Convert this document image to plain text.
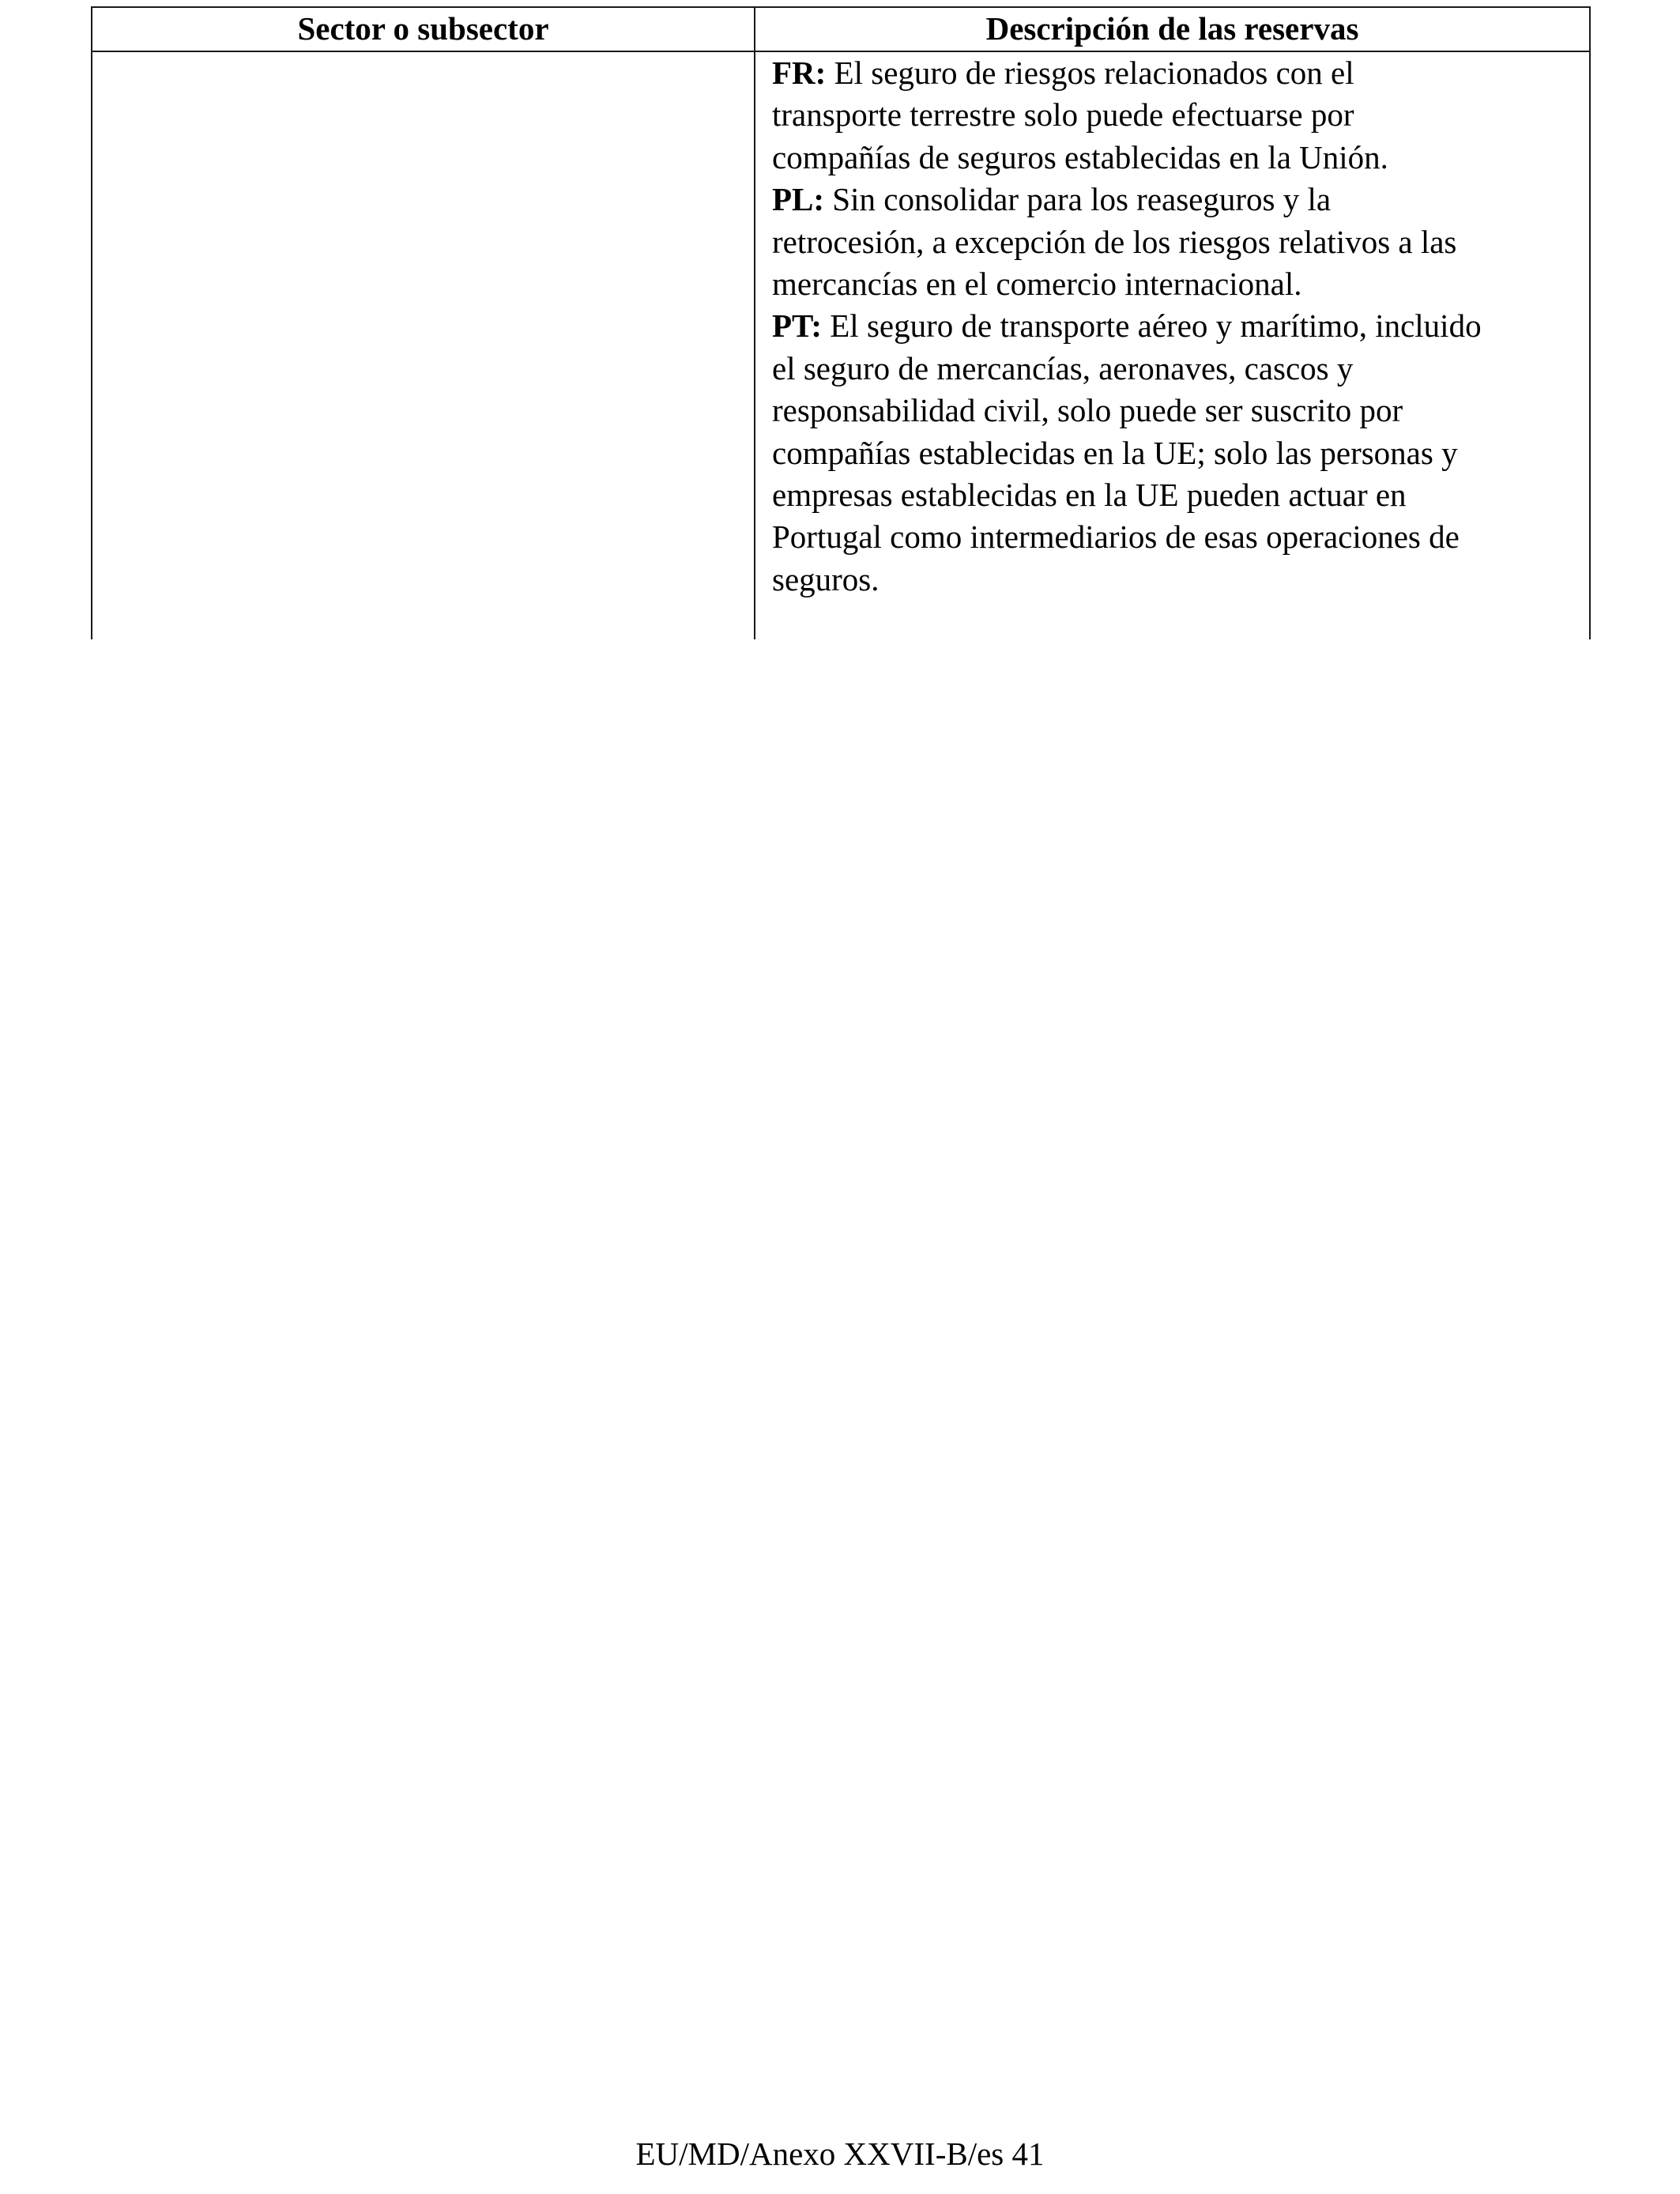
Sector o subsector	Descripción de las reservas
FR: El seguro de riesgos relacionados con el
transporte terrestre solo puede efectuarse por
compañías de seguros establecidas en la Unión.
PL: Sin consolidar para los reaseguros y la
retrocesión, a excepción de los riesgos relativos a las
mercancías en el comercio internacional.
PT: El seguro de transporte aéreo y marítimo, incluido
el seguro de mercancías, aeronaves, cascos y
responsabilidad civil, solo puede ser suscrito por
compañías establecidas en la UE; solo las personas y
empresas establecidas en la UE pueden actuar en
Portugal como intermediarios de esas operaciones de
seguros.
EU/MD/Anexo XXVII-B/es 41
